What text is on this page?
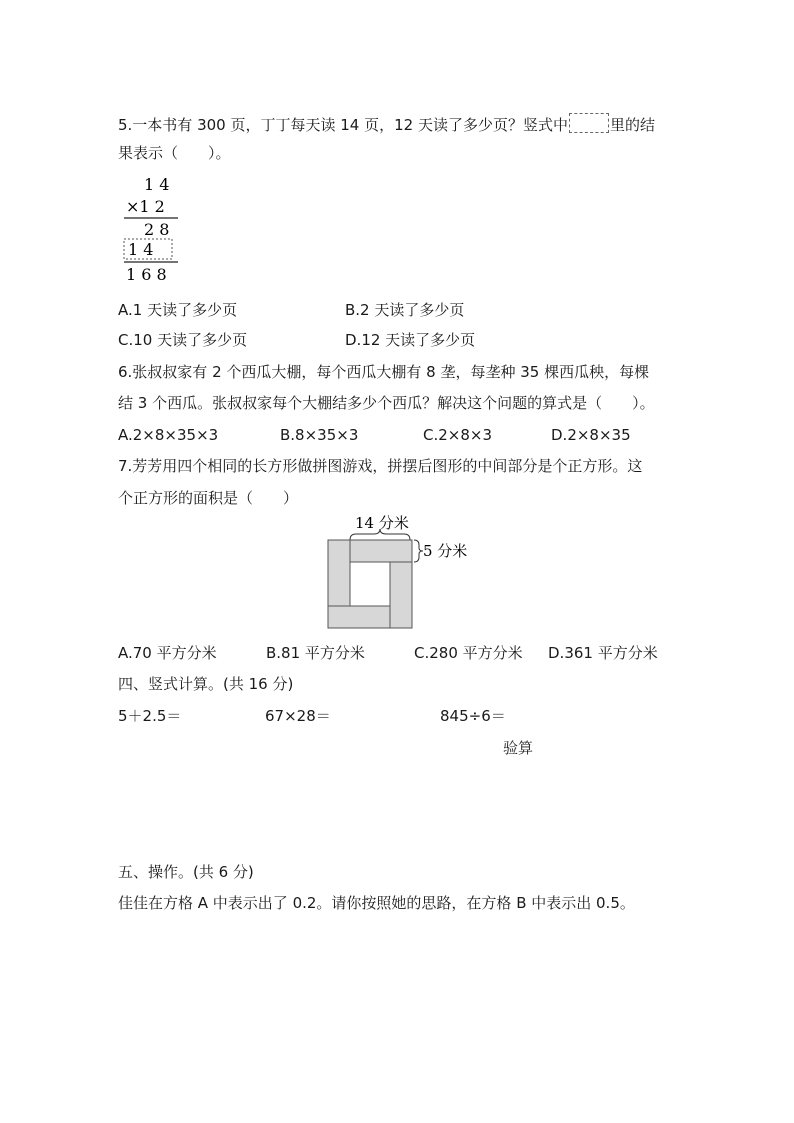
5.一本书有 300 页，丁丁每天读 14 页，12 天读了多少页？竖式中	里的结
果表示（ ）。
1 4
×1 2
2 8
1 4
1 6 8
A.1 天读了多少页	B.2 天读了多少页
C.10 天读了多少页	D.12 天读了多少页
6.张叔叔家有 2 个西瓜大棚，每个西瓜大棚有 8 垄，每垄种 35 棵西瓜秧，每棵
结 3 个西瓜。张叔叔家每个大棚结多少个西瓜？解决这个问题的算式是（ ）。
A.2×8×35×3	B.8×35×3	C.2×8×3	D.2×8×35
7.芳芳用四个相同的长方形做拼图游戏，拼摆后图形的中间部分是个正方形。这
个正方形的面积是（ ）
14 分米
5 分米
A.70 平方分米	B.81 平方分米	C.280 平方分米 D.361 平方分米
四、竖式计算。(共 16 分)
5＋2.5＝	67×28＝	845÷6＝
验算
五、操作。(共 6 分)
佳佳在方格 A 中表示出了 0.2。请你按照她的思路，在方格 B 中表示出 0.5。
